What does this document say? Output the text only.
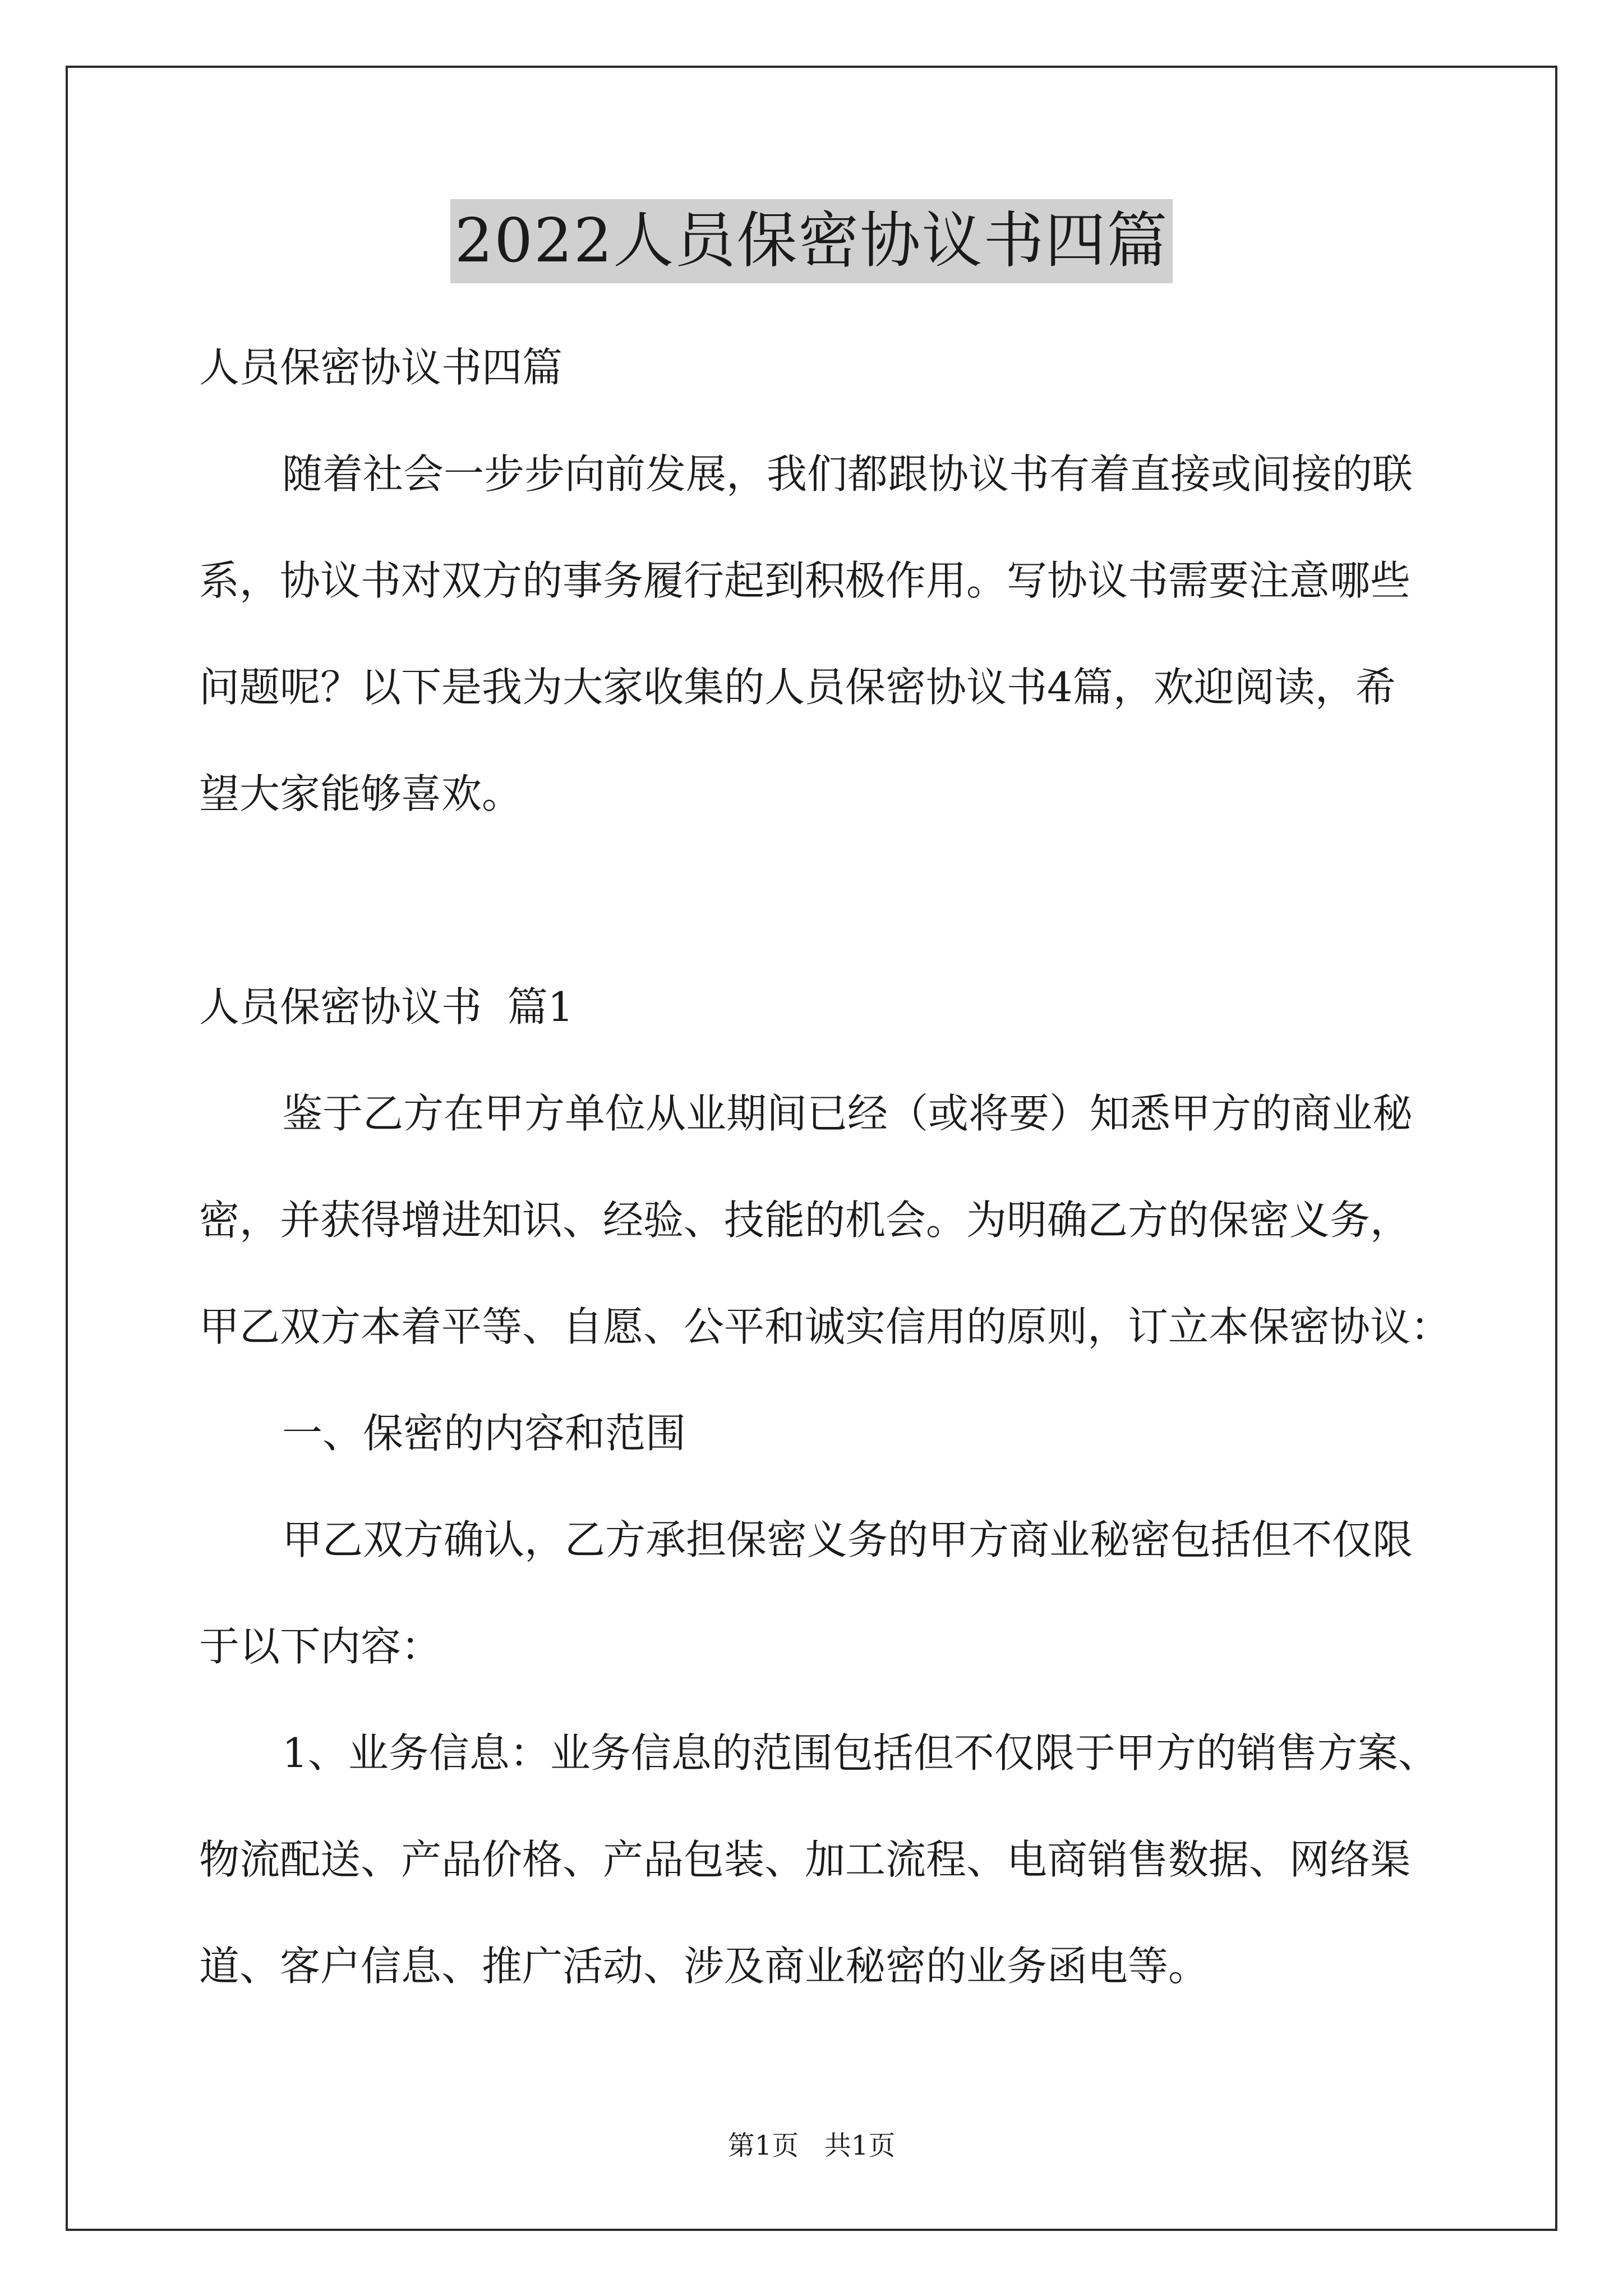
2022人员保密协议书四篇
人员保密协议书四篇
随着社会一步步向前发展，我们都跟协议书有着直接或间接的联
系，协议书对双方的事务履行起到积极作用。写协议书需要注意哪些
问题呢？以下是我为大家收集的人员保密协议书4篇，欢迎阅读，希
望大家能够喜欢。
人员保密协议书  篇1
鉴于乙方在甲方单位从业期间已经（或将要）知悉甲方的商业秘
密，并获得增进知识、经验、技能的机会。为明确乙方的保密义务，
甲乙双方本着平等、自愿、公平和诚实信用的原则，订立本保密协议：
一、保密的内容和范围
甲乙双方确认，乙方承担保密义务的甲方商业秘密包括但不仅限
于以下内容：
1、业务信息：业务信息的范围包括但不仅限于甲方的销售方案、
物流配送、产品价格、产品包装、加工流程、电商销售数据、网络渠
道、客户信息、推广活动、涉及商业秘密的业务函电等。
第1页   共1页
